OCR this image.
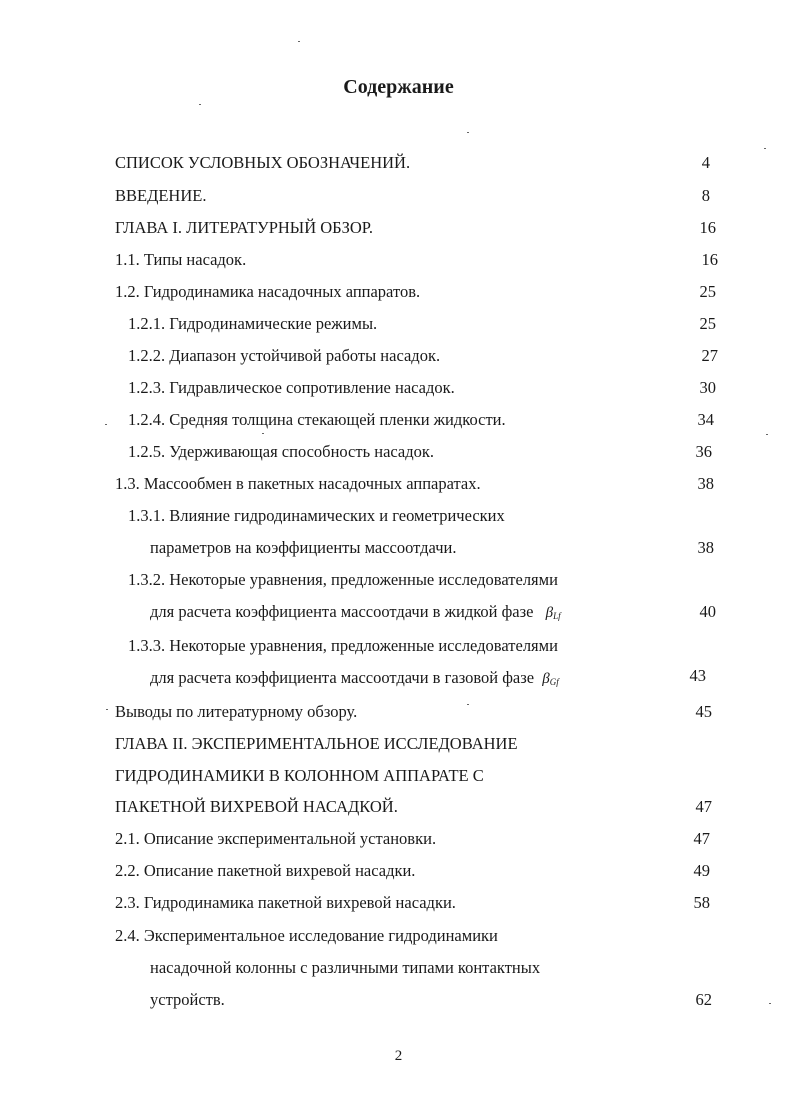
Содержание
СПИСОК УСЛОВНЫХ ОБОЗНАЧЕНИЙ.	4
ВВЕДЕНИЕ.	8
ГЛАВА I. ЛИТЕРАТУРНЫЙ ОБЗОР.	16
1.1. Типы насадок.	16
1.2. Гидродинамика насадочных аппаратов.	25
1.2.1. Гидродинамические режимы.	25
1.2.2. Диапазон устойчивой работы насадок.	27
1.2.3. Гидравлическое сопротивление насадок.	30
1.2.4. Средняя толщина стекающей пленки жидкости.	34
1.2.5. Удерживающая способность насадок.	36
1.3. Массообмен в пакетных насадочных аппаратах.	38
1.3.1. Влияние гидродинамических и геометрических
параметров на коэффициенты массоотдачи.	38
1.3.2. Некоторые уравнения, предложенные исследователями
для расчета коэффициента массоотдачи в жидкой фазе $\beta_{Lf}$	40
1.3.3. Некоторые уравнения, предложенные исследователями
для расчета коэффициента массоотдачи в газовой фазе $\beta_{Gf}$	43
Выводы по литературному обзору.	45
ГЛАВА II. ЭКСПЕРИМЕНТАЛЬНОЕ ИССЛЕДОВАНИЕ
ГИДРОДИНАМИКИ В КОЛОННОМ АППАРАТЕ С
ПАКЕТНОЙ ВИХРЕВОЙ НАСАДКОЙ.	47
2.1. Описание экспериментальной установки.	47
2.2. Описание пакетной вихревой насадки.	49
2.3. Гидродинамика пакетной вихревой насадки.	58
2.4. Экспериментальное исследование гидродинамики
насадочной колонны с различными типами контактных
устройств.	62
2
